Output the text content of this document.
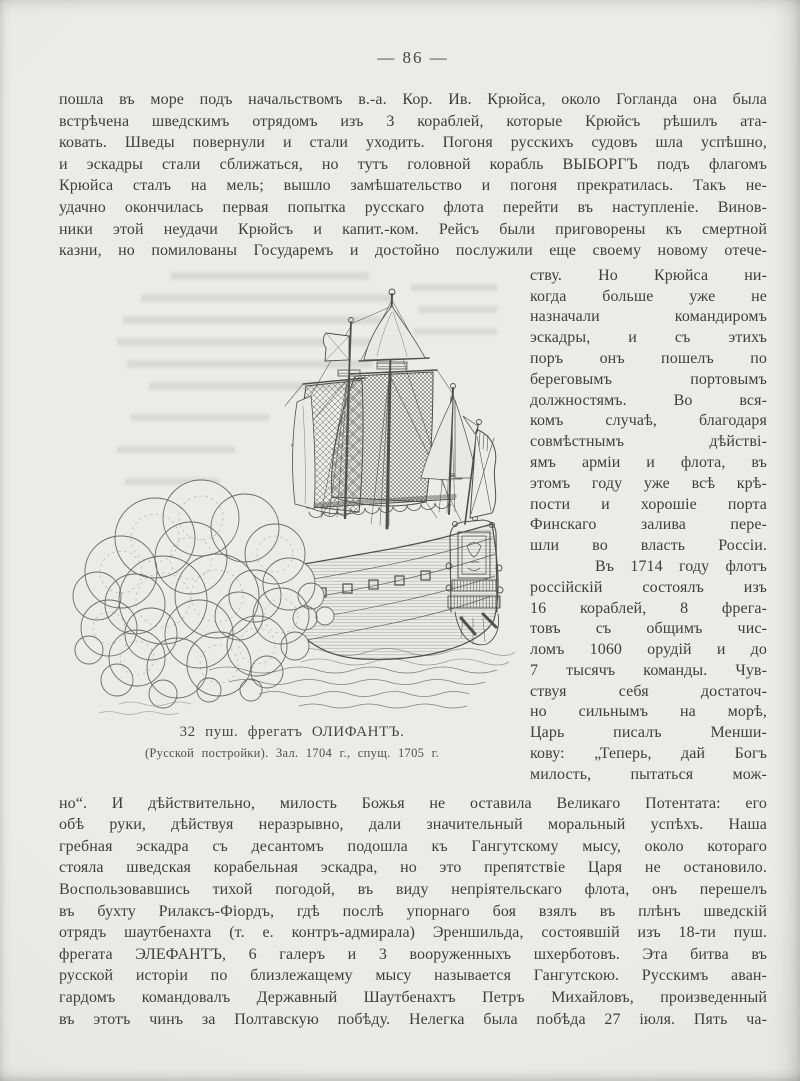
— 86 —
пошла въ море подъ начальствомъ в.-а. Кор. Ив. Крюйса, около Гогланда она была
встрѣчена шведскимъ отрядомъ изъ 3 кораблей, которые Крюйсъ рѣшилъ ата-
ковать. Шведы повернули и стали уходить. Погоня русскихъ судовъ шла успѣшно,
и эскадры стали сближаться, но тутъ головной корабль ВЫБОРГЪ подъ флагомъ
Крюйса сталъ на мель; вышло замѣшательство и погоня прекратилась. Такъ не-
удачно окончилась первая попытка русскаго флота перейти въ наступленіе. Винов-
ники этой неудачи Крюйсъ и капит.-ком. Рейсъ были приговорены къ смертной
казни, но помилованы Государемъ и достойно послужили еще своему новому отече-
32 пуш. фрегатъ ОЛИФАНТЪ.
(Русской постройки). Зал. 1704 г., спущ. 1705 г.
ству. Но Крюйса ни-
когда больше уже не
назначали командиромъ
эскадры, и съ этихъ
поръ онъ пошелъ по
береговымъ портовымъ
должностямъ. Во вся-
комъ случаѣ, благодаря
совмѣстнымъ дѣйстві-
ямъ арміи и флота, въ
этомъ году уже всѣ крѣ-
пости и хорошіе порта
Финскаго залива пере-
шли во власть Россіи.
Въ 1714 году флотъ
россійскій состоялъ изъ
16 кораблей, 8 фрега-
товъ съ общимъ чис-
ломъ 1060 орудій и до
7 тысячъ команды. Чув-
ствуя себя достаточ-
но сильнымъ на морѣ,
Царь писалъ Менши-
кову: „Теперь, дай Богъ
милость, пытаться мож-
но“. И дѣйствительно, милость Божья не оставила Великаго Потентата: его
обѣ руки, дѣйствуя неразрывно, дали значительный моральный успѣхъ. Наша
гребная эскадра съ десантомъ подошла къ Гангутскому мысу, около котораго
стояла шведская корабельная эскадра, но это препятствіе Царя не остановило.
Воспользовавшись тихой погодой, въ виду непріятельскаго флота, онъ перешелъ
въ бухту Рилаксъ-Фіордъ, гдѣ послѣ упорнаго боя взялъ въ плѣнъ шведскій
отрядъ шаутбенахта (т. е. контръ-адмирала) Эреншильда, состоявшій изъ 18-ти пуш.
фрегата ЭЛЕФАНТЪ, 6 галеръ и 3 вооруженныхъ шхерботовъ. Эта битва въ
русской исторіи по близлежащему мысу называется Гангутскою. Русскимъ аван-
гардомъ командовалъ Державный Шаутбенахтъ Петръ Михайловъ, произведенный
въ этотъ чинъ за Полтавскую побѣду. Нелегка была побѣда 27 іюля. Пять ча-
